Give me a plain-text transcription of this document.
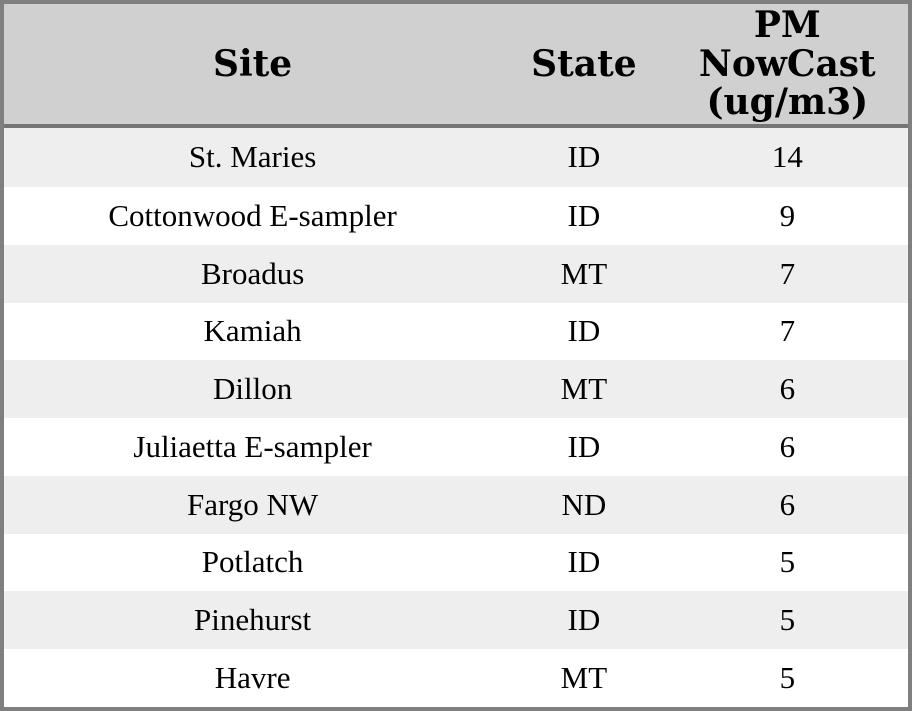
Site	State	PM NowCast (ug/m3)

St. Maries	ID	14
Cottonwood E-sampler	ID	9
Broadus	MT	7
Kamiah	ID	7
Dillon	MT	6
Juliaetta E-sampler	ID	6
Fargo NW	ND	6
Potlatch	ID	5
Pinehurst	ID	5
Havre	MT	5
